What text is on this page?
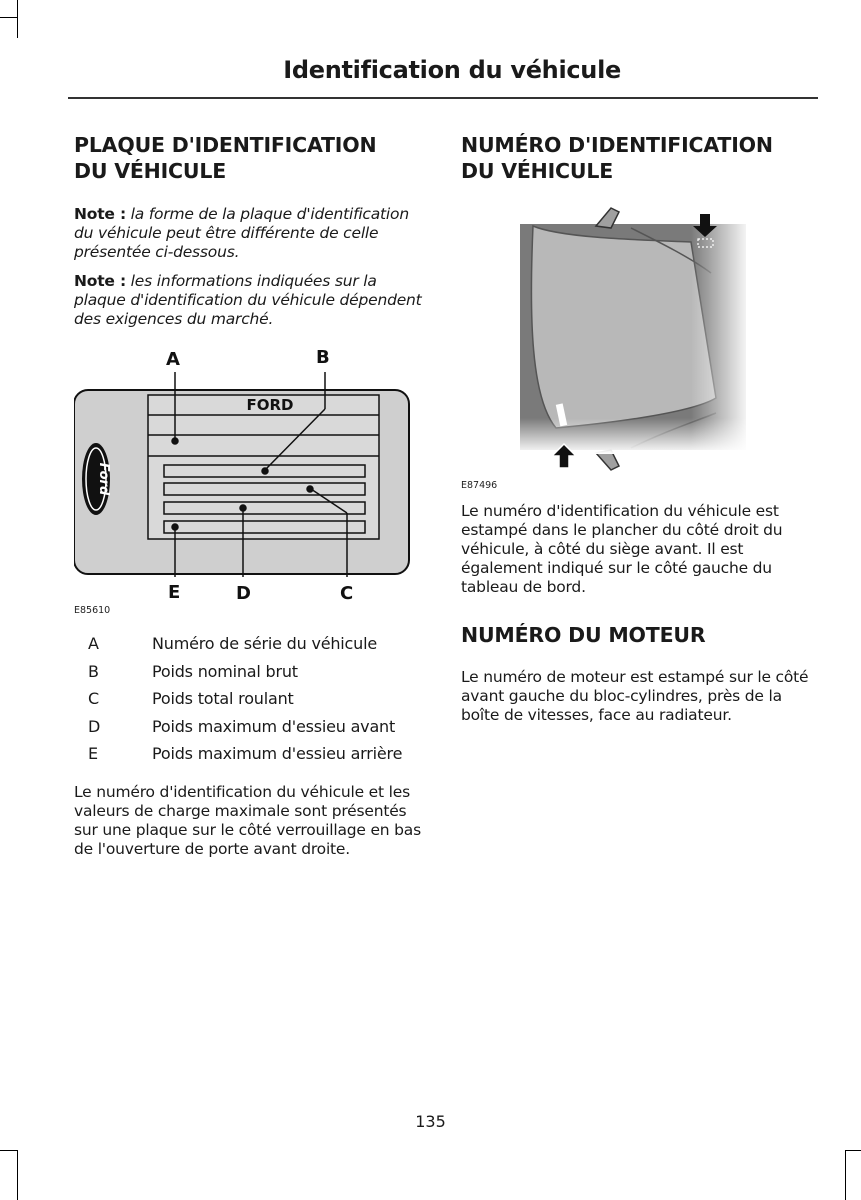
Identification du véhicule
PLAQUE D'IDENTIFICATION DU VÉHICULE

Note : la forme de la plaque d'identification du véhicule peut être différente de celle présentée ci-dessous.

Note : les informations indiquées sur la plaque d'identification du véhicule dépendent des exigences du marché.

A	B
Ford
FORD
E	D	C
E85610
A	Numéro de série du véhicule
B	Poids nominal brut
C	Poids total roulant
D	Poids maximum d'essieu avant
E	Poids maximum d'essieu arrière

Le numéro d'identification du véhicule et les valeurs de charge maximale sont présentés sur une plaque sur le côté verrouillage en bas de l'ouverture de porte avant droite.

NUMÉRO D'IDENTIFICATION DU VÉHICULE
E87496

Le numéro d'identification du véhicule est estampé dans le plancher du côté droit du véhicule, à côté du siège avant. Il est également indiqué sur le côté gauche du tableau de bord.

NUMÉRO DU MOTEUR

Le numéro de moteur est estampé sur le côté avant gauche du bloc-cylindres, près de la boîte de vitesses, face au radiateur.

135
